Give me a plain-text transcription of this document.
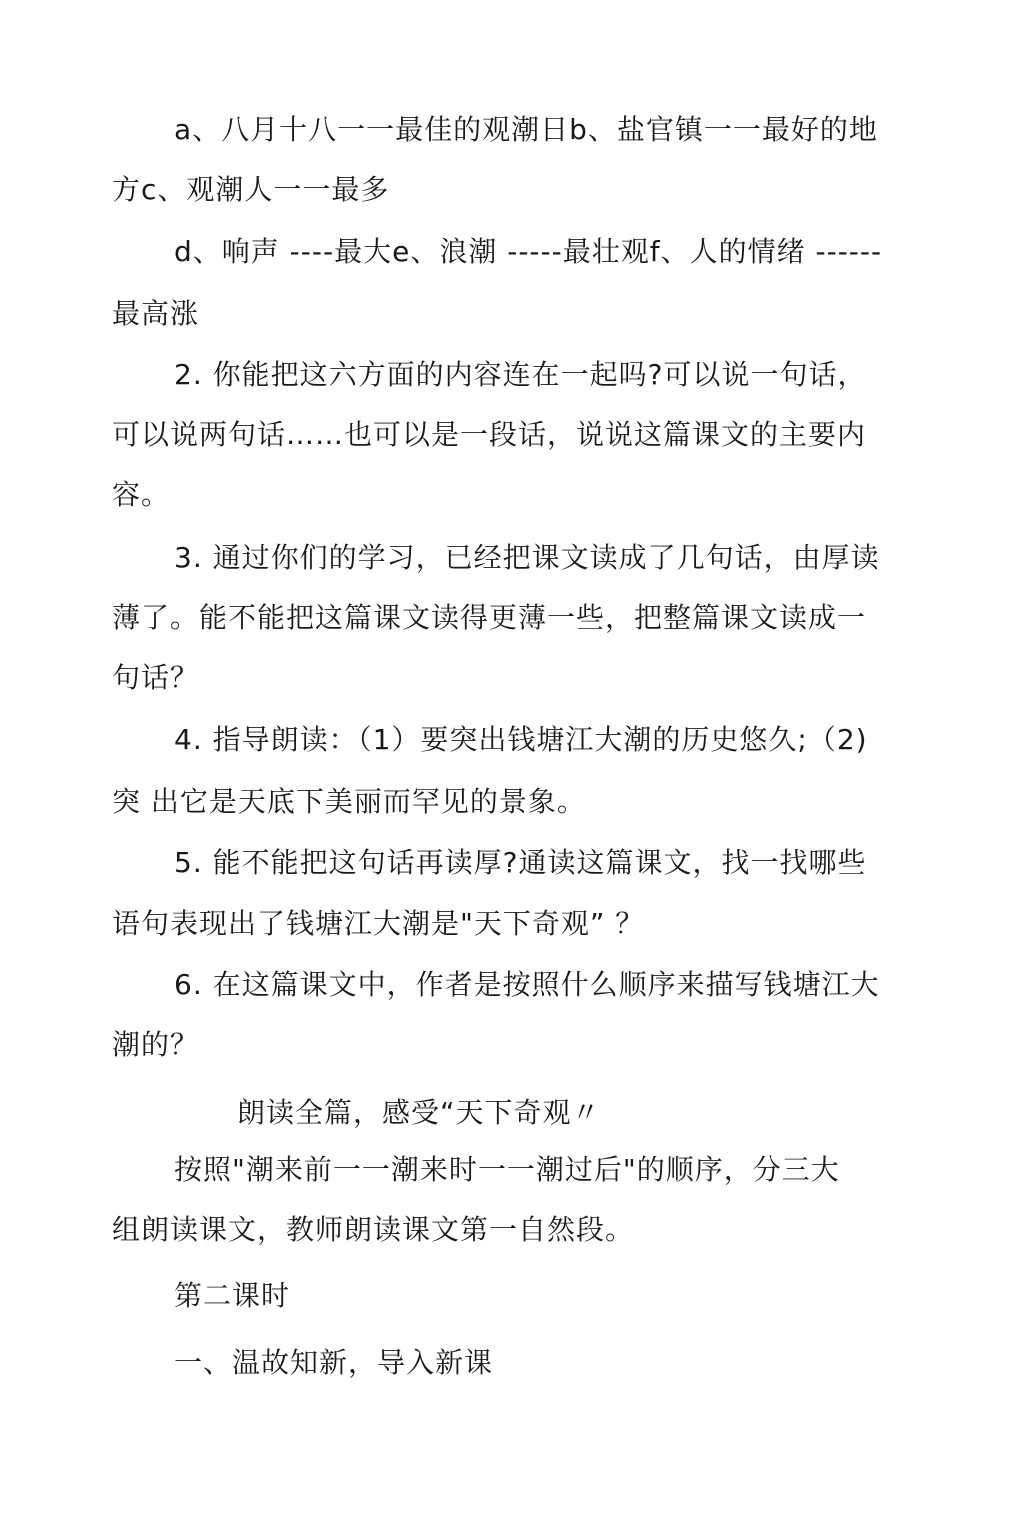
a、八月十八一一最佳的观潮日b、盐官镇一一最好的地
方c、观潮人一一最多
d、响声 ----最大e、浪潮 -----最壮观f、人的情绪 ------
最高涨
2. 你能把这六方面的内容连在一起吗?可以说一句话，
可以说两句话……也可以是一段话，说说这篇课文的主要内
容。
3. 通过你们的学习，已经把课文读成了几句话，由厚读
薄了。能不能把这篇课文读得更薄一些，把整篇课文读成一
句话？
4. 指导朗读：（1）要突出钱塘江大潮的历史悠久;（2)
突 出它是天底下美丽而罕见的景象。
5. 能不能把这句话再读厚?通读这篇课文，找一找哪些
语句表现出了钱塘江大潮是"天下奇观” ？
6. 在这篇课文中，作者是按照什么顺序来描写钱塘江大
潮的？
朗读全篇，感受“天下奇观〃
按照"潮来前一一潮来时一一潮过后"的顺序，分三大
组朗读课文，教师朗读课文第一自然段。
第二课时
一、温故知新，导入新课
